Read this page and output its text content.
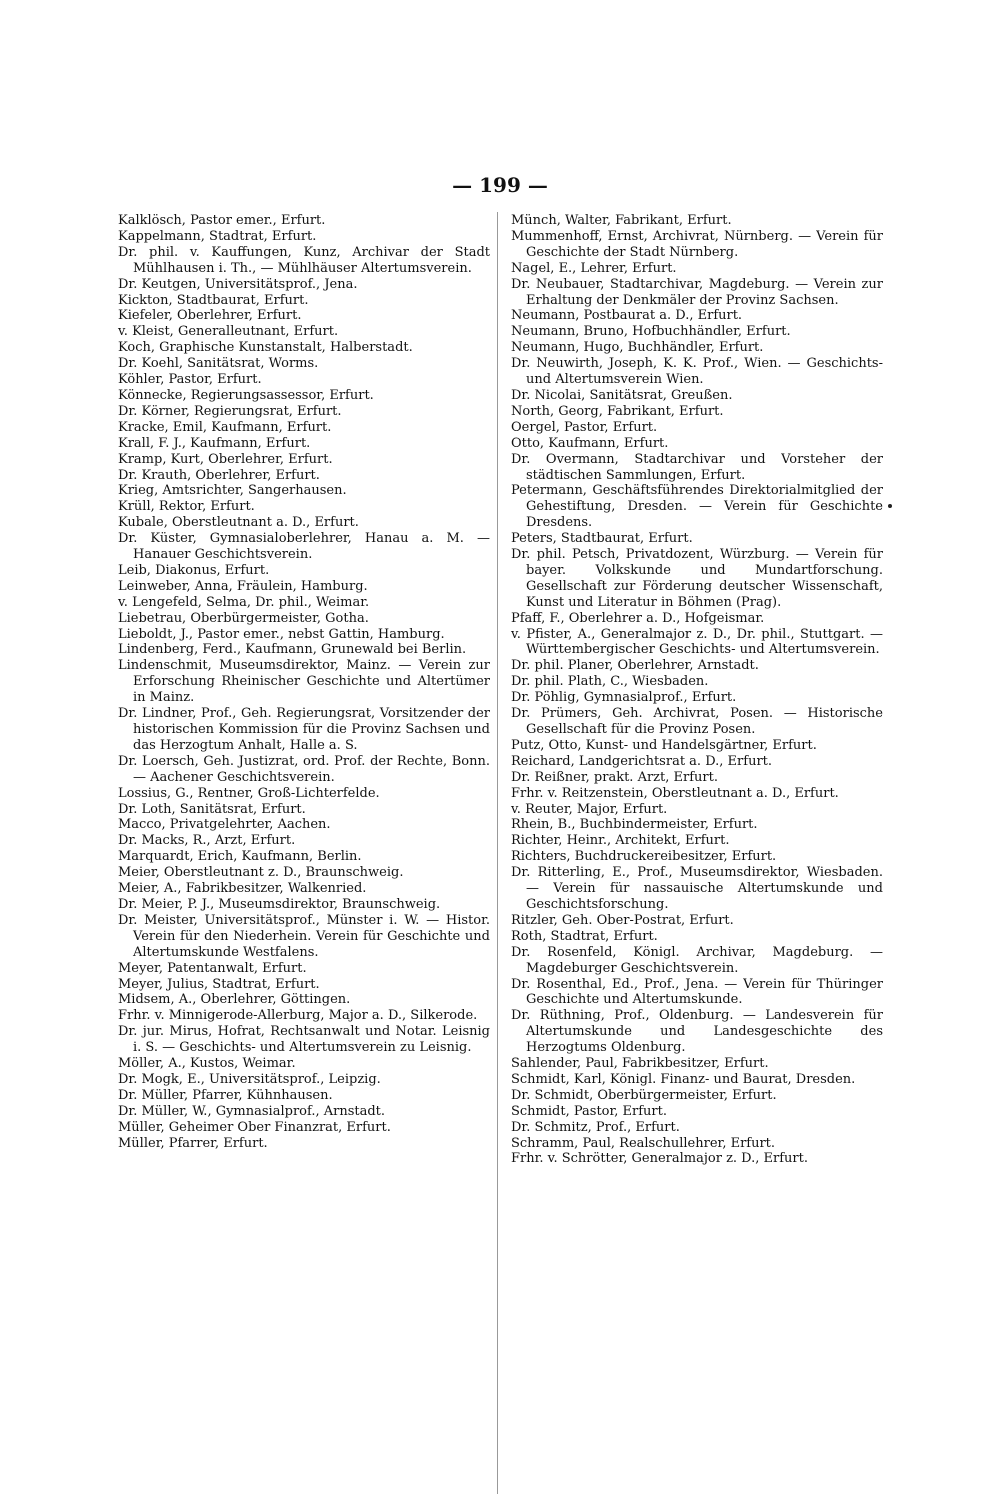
— 199 —
Kalklösch, Pastor emer., Erfurt.
Kappelmann, Stadtrat, Erfurt.
Dr. phil. v. Kauffungen, Kunz, Archivar der Stadt Mühlhausen i. Th., — Mühlhäuser Altertumsverein.
Dr. Keutgen, Universitätsprof., Jena.
Kickton, Stadtbaurat, Erfurt.
Kiefeler, Oberlehrer, Erfurt.
v. Kleist, Generalleutnant, Erfurt.
Koch, Graphische Kunstanstalt, Halberstadt.
Dr. Koehl, Sanitätsrat, Worms.
Köhler, Pastor, Erfurt.
Könnecke, Regierungsassessor, Erfurt.
Dr. Körner, Regierungsrat, Erfurt.
Kracke, Emil, Kaufmann, Erfurt.
Krall, F. J., Kaufmann, Erfurt.
Kramp, Kurt, Oberlehrer, Erfurt.
Dr. Krauth, Oberlehrer, Erfurt.
Krieg, Amtsrichter, Sangerhausen.
Krüll, Rektor, Erfurt.
Kubale, Oberstleutnant a. D., Erfurt.
Dr. Küster, Gymnasialoberlehrer, Hanau a. M. — Hanauer Geschichtsverein.
Leib, Diakonus, Erfurt.
Leinweber, Anna, Fräulein, Hamburg.
v. Lengefeld, Selma, Dr. phil., Weimar.
Liebetrau, Oberbürgermeister, Gotha.
Lieboldt, J., Pastor emer., nebst Gattin, Hamburg.
Lindenberg, Ferd., Kaufmann, Grunewald bei Berlin.
Lindenschmit, Museumsdirektor, Mainz. — Verein zur Erforschung Rheinischer Geschichte und Altertümer in Mainz.
Dr. Lindner, Prof., Geh. Regierungsrat, Vorsitzender der historischen Kommission für die Provinz Sachsen und das Herzogtum Anhalt, Halle a. S.
Dr. Loersch, Geh. Justizrat, ord. Prof. der Rechte, Bonn. — Aachener Geschichtsverein.
Lossius, G., Rentner, Groß-Lichterfelde.
Dr. Loth, Sanitätsrat, Erfurt.
Macco, Privatgelehrter, Aachen.
Dr. Macks, R., Arzt, Erfurt.
Marquardt, Erich, Kaufmann, Berlin.
Meier, Oberstleutnant z. D., Braunschweig.
Meier, A., Fabrikbesitzer, Walkenried.
Dr. Meier, P. J., Museumsdirektor, Braunschweig.
Dr. Meister, Universitätsprof., Münster i. W. — Histor. Verein für den Niederhein. Verein für Geschichte und Altertumskunde Westfalens.
Meyer, Patentanwalt, Erfurt.
Meyer, Julius, Stadtrat, Erfurt.
Midsem, A., Oberlehrer, Göttingen.
Frhr. v. Minnigerode-Allerburg, Major a. D., Silkerode.
Dr. jur. Mirus, Hofrat, Rechtsanwalt und Notar. Leisnig i. S. — Geschichts- und Altertumsverein zu Leisnig.
Möller, A., Kustos, Weimar.
Dr. Mogk, E., Universitätsprof., Leipzig.
Dr. Müller, Pfarrer, Kühnhausen.
Dr. Müller, W., Gymnasialprof., Arnstadt.
Müller, Geheimer Ober Finanzrat, Erfurt.
Müller, Pfarrer, Erfurt.
Münch, Walter, Fabrikant, Erfurt.
Mummenhoff, Ernst, Archivrat, Nürnberg. — Verein für Geschichte der Stadt Nürnberg.
Nagel, E., Lehrer, Erfurt.
Dr. Neubauer, Stadtarchivar, Magdeburg. — Verein zur Erhaltung der Denkmäler der Provinz Sachsen.
Neumann, Postbaurat a. D., Erfurt.
Neumann, Bruno, Hofbuchhändler, Erfurt.
Neumann, Hugo, Buchhändler, Erfurt.
Dr. Neuwirth, Joseph, K. K. Prof., Wien. — Geschichts- und Altertumsverein Wien.
Dr. Nicolai, Sanitätsrat, Greußen.
North, Georg, Fabrikant, Erfurt.
Oergel, Pastor, Erfurt.
Otto, Kaufmann, Erfurt.
Dr. Overmann, Stadtarchivar und Vorsteher der städtischen Sammlungen, Erfurt.
Petermann, Geschäftsführendes Direktorialmitglied der Gehestiftung, Dresden. — Verein für Geschichte Dresdens.
Peters, Stadtbaurat, Erfurt.
Dr. phil. Petsch, Privatdozent, Würzburg. — Verein für bayer. Volkskunde und Mundartforschung. Gesellschaft zur Förderung deutscher Wissenschaft, Kunst und Literatur in Böhmen (Prag).
Pfaff, F., Oberlehrer a. D., Hofgeismar.
v. Pfister, A., Generalmajor z. D., Dr. phil., Stuttgart. — Württembergischer Geschichts- und Altertumsverein.
Dr. phil. Planer, Oberlehrer, Arnstadt.
Dr. phil. Plath, C., Wiesbaden.
Dr. Pöhlig, Gymnasialprof., Erfurt.
Dr. Prümers, Geh. Archivrat, Posen. — Historische Gesellschaft für die Provinz Posen.
Putz, Otto, Kunst- und Handelsgärtner, Erfurt.
Reichard, Landgerichtsrat a. D., Erfurt.
Dr. Reißner, prakt. Arzt, Erfurt.
Frhr. v. Reitzenstein, Oberstleutnant a. D., Erfurt.
v. Reuter, Major, Erfurt.
Rhein, B., Buchbindermeister, Erfurt.
Richter, Heinr., Architekt, Erfurt.
Richters, Buchdruckereibesitzer, Erfurt.
Dr. Ritterling, E., Prof., Museumsdirektor, Wiesbaden. — Verein für nassauische Altertumskunde und Geschichtsforschung.
Ritzler, Geh. Ober-Postrat, Erfurt.
Roth, Stadtrat, Erfurt.
Dr. Rosenfeld, Königl. Archivar, Magdeburg. — Magdeburger Geschichtsverein.
Dr. Rosenthal, Ed., Prof., Jena. — Verein für Thüringer Geschichte und Altertumskunde.
Dr. Rüthning, Prof., Oldenburg. — Landesverein für Altertumskunde und Landesgeschichte des Herzogtums Oldenburg.
Sahlender, Paul, Fabrikbesitzer, Erfurt.
Schmidt, Karl, Königl. Finanz- und Baurat, Dresden.
Dr. Schmidt, Oberbürgermeister, Erfurt.
Schmidt, Pastor, Erfurt.
Dr. Schmitz, Prof., Erfurt.
Schramm, Paul, Realschullehrer, Erfurt.
Frhr. v. Schrötter, Generalmajor z. D., Erfurt.
